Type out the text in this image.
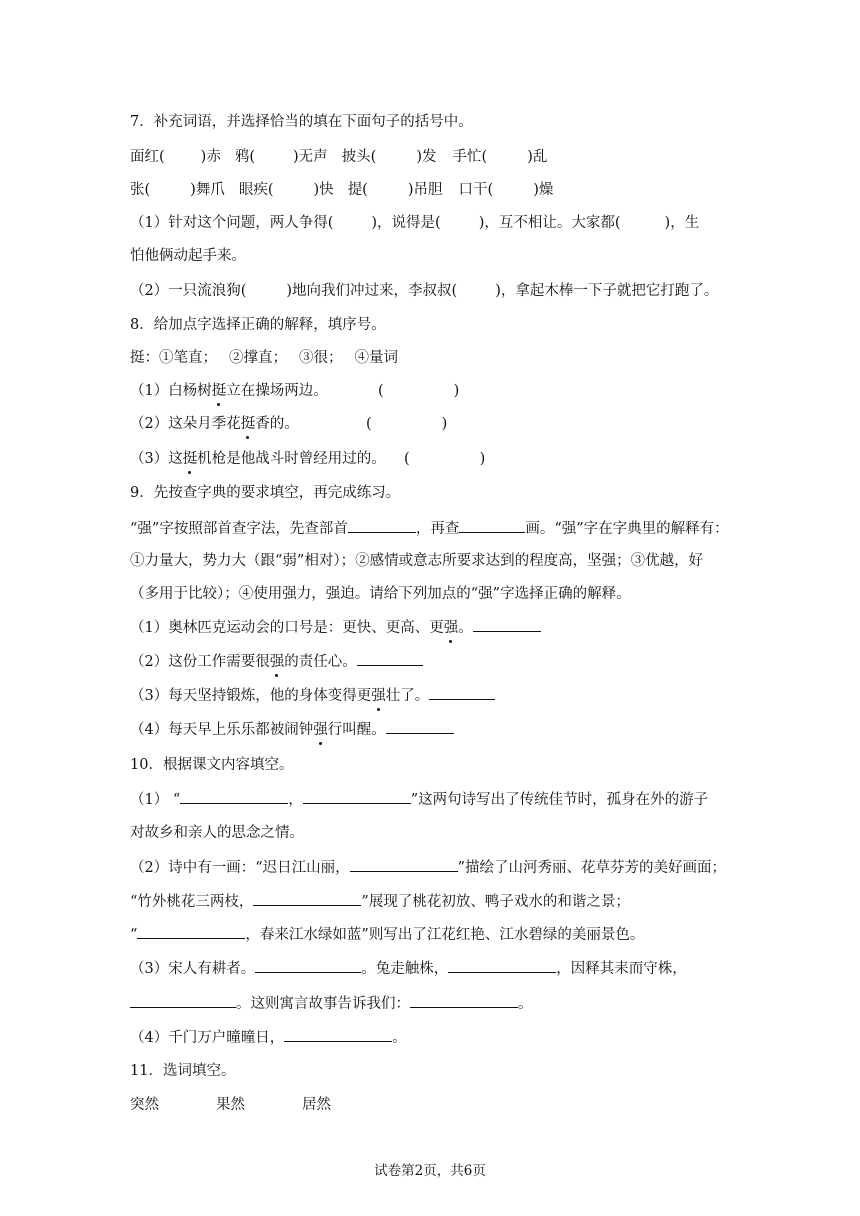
7．补充词语，并选择恰当的填在下面句子的括号中。
面红( )赤 鸦(	)无声 披头(	)发 手忙(	)乱
张(	)舞爪 眼疾(	)快 提(	)吊胆 口干(	)燥
（1）针对这个问题，两人争得(	)，说得是(	)，互不相让。大家都(	)，生
怕他俩动起手来。
（2）一只流浪狗(	)地向我们冲过来，李叔叔(	)，拿起木棒一下子就把它打跑了。
8．给加点字选择正确的解释，填序号。
挺：①笔直； ②撑直； ③很； ④量词
（1）白杨树挺立在操场两边。	(	)
（2）这朵月季花挺香的。	(	)
（3）这挺机枪是他战斗时曾经用过的。 (	)
9．先按查字典的要求填空，再完成练习。
“强”字按照部首查字法，先查部首	，再查	画。“强”字在字典里的解释有：
①力量大，势力大（跟“弱”相对）；②感情或意志所要求达到的程度高，坚强；③优越，好
（多用于比较）；④使用强力，强迫。请给下列加点的“强”字选择正确的解释。
（1）奥林匹克运动会的口号是：更快、更高、更强。
（2）这份工作需要很强的责任心。
（3）每天坚持锻炼，他的身体变得更强壮了。
（4）每天早上乐乐都被闹钟强行叫醒。
10．根据课文内容填空。
（1） “	，	”这两句诗写出了传统佳节时，孤身在外的游子
对故乡和亲人的思念之情。
（2）诗中有一画：“迟日江山丽，	”描绘了山河秀丽、花草芬芳的美好画面；
“竹外桃花三两枝，	”展现了桃花初放、鸭子戏水的和谐之景；
“	，春来江水绿如蓝”则写出了江花红艳、江水碧绿的美丽景色。
（3）宋人有耕者。	。兔走触株，	，因释其耒而守株，
。这则寓言故事告诉我们：	。
（4）千门万户曈曈日，	。
11．选词填空。
突然	果然	居然
试卷第2页，共6页
